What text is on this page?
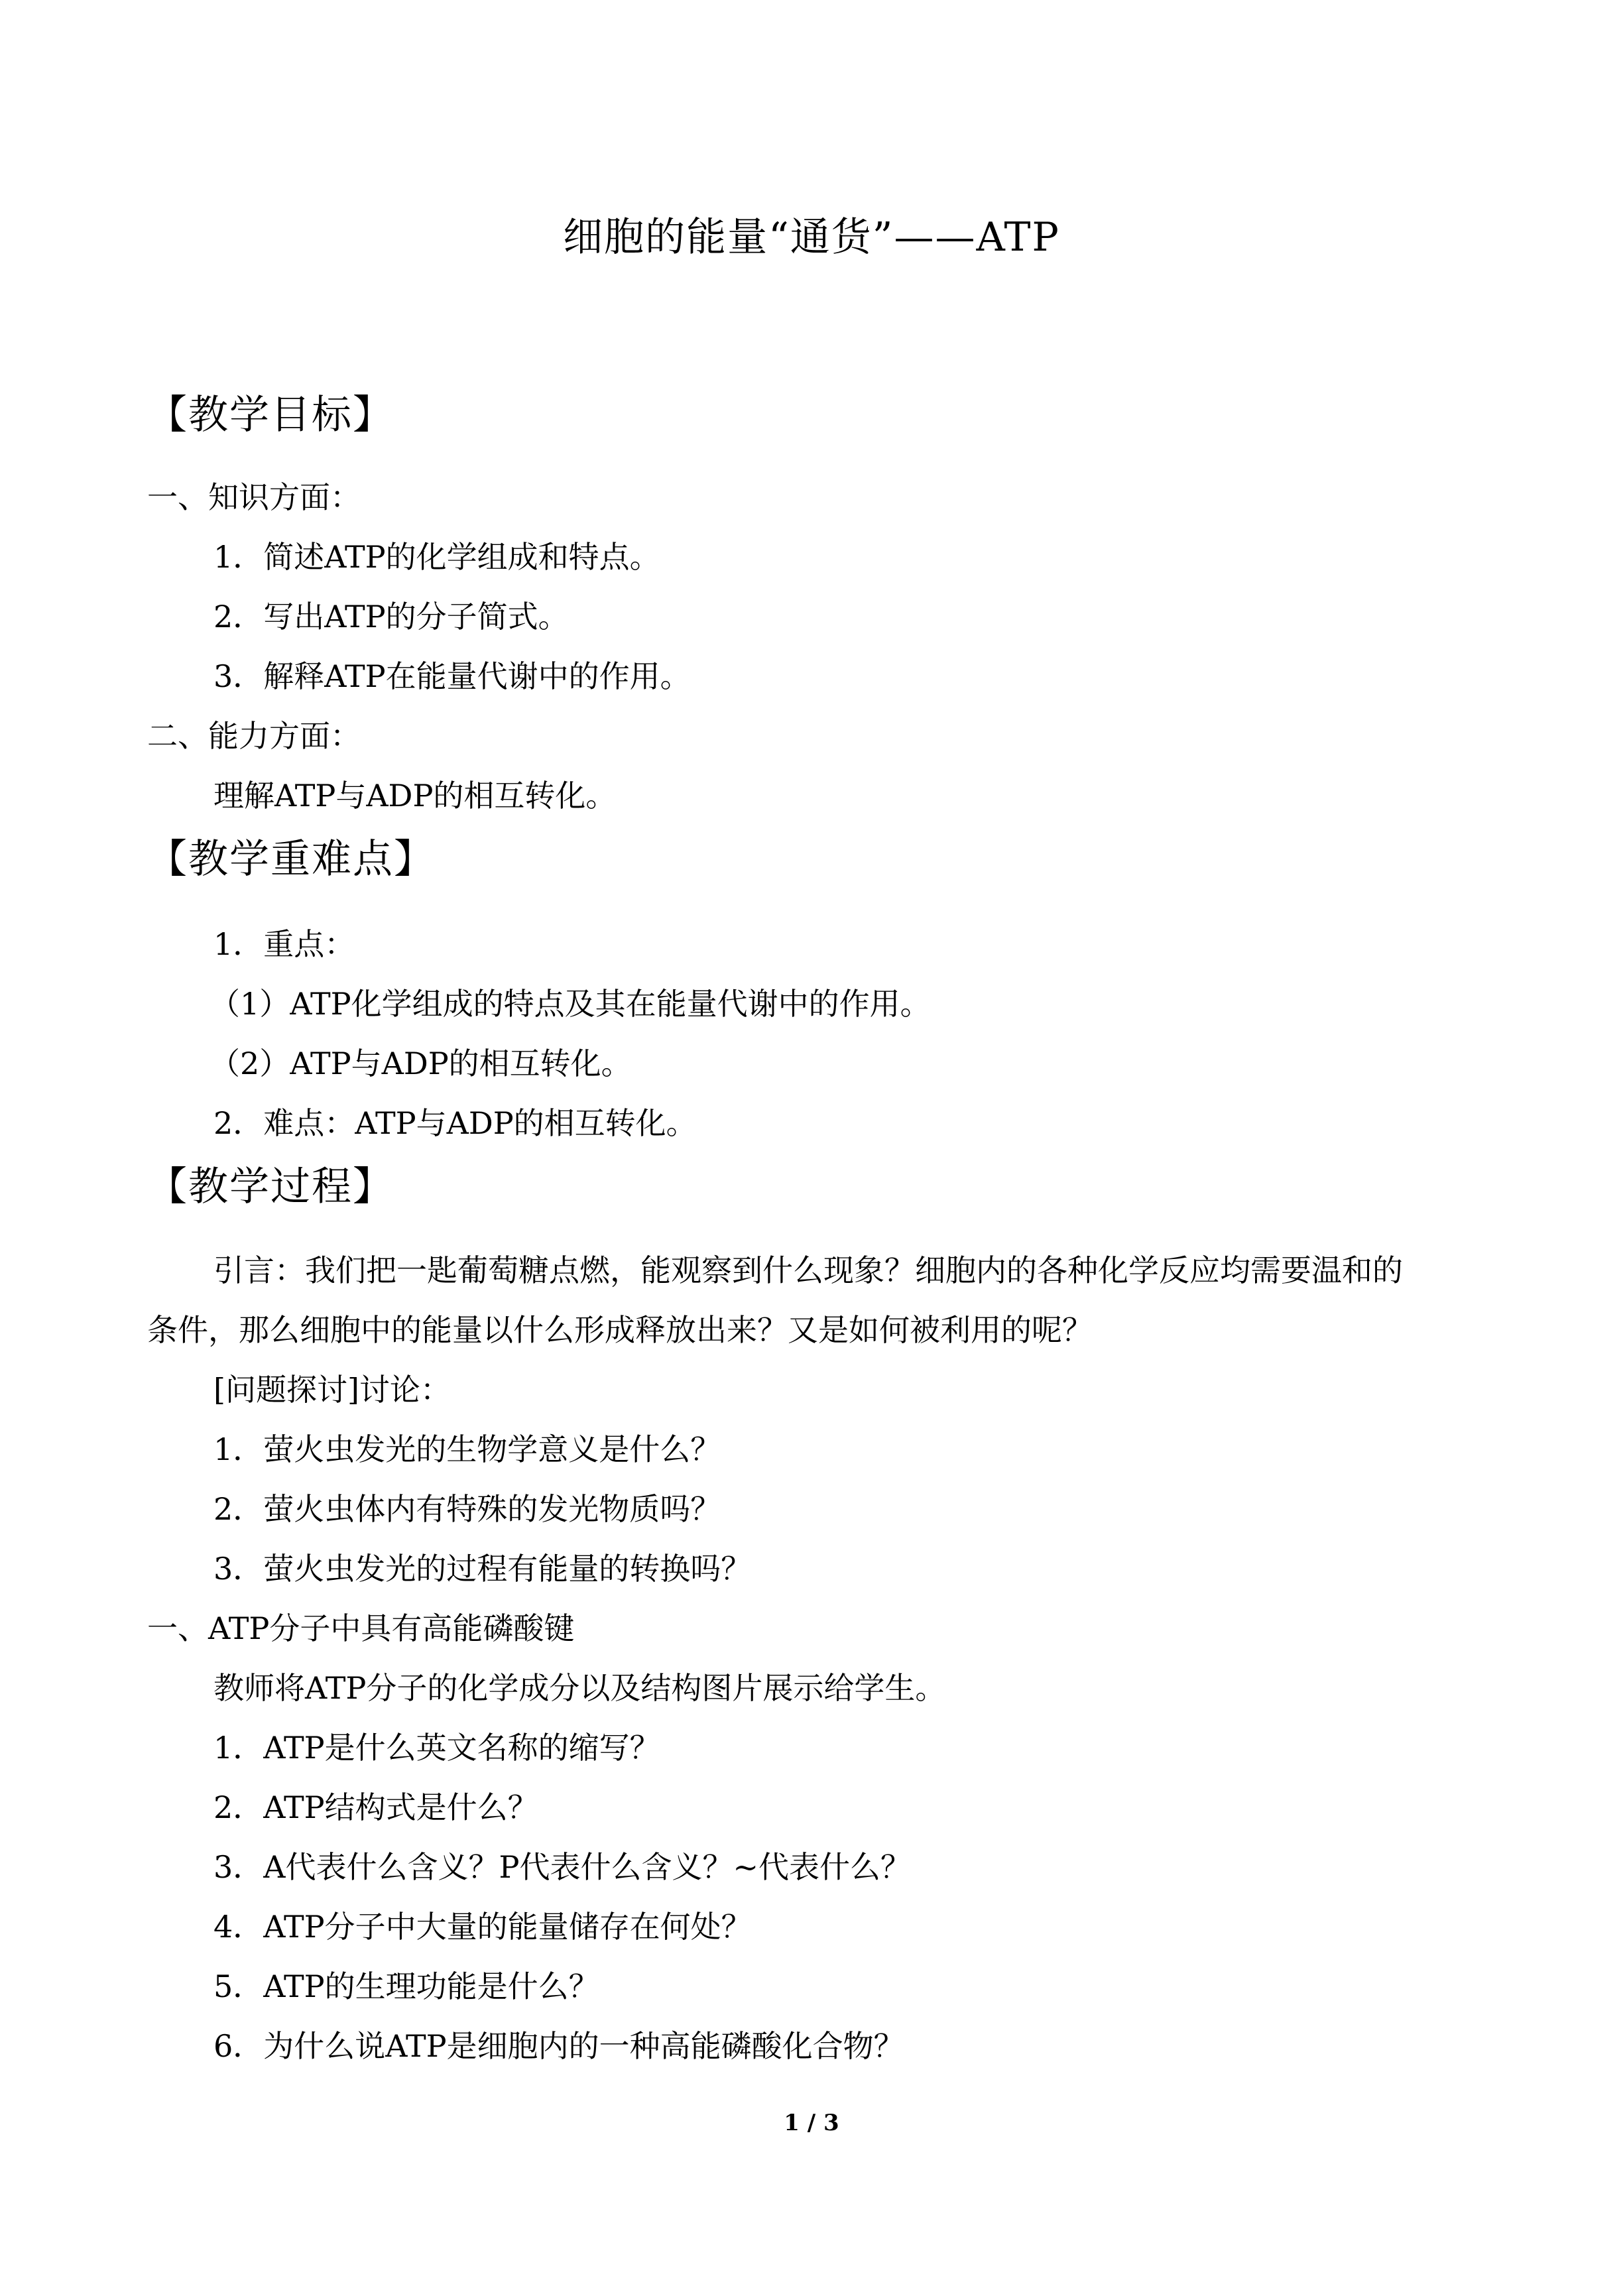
细胞的能量“通货”——ATP
【教学目标】
一、知识方面：
1．简述ATP的化学组成和特点。
2．写出ATP的分子简式。
3．解释ATP在能量代谢中的作用。
二、能力方面：
理解ATP与ADP的相互转化。
【教学重难点】
1．重点：
（1）ATP化学组成的特点及其在能量代谢中的作用。
（2）ATP与ADP的相互转化。
2．难点：ATP与ADP的相互转化。
【教学过程】
引言：我们把一匙葡萄糖点燃，能观察到什么现象？细胞内的各种化学反应均需要温和的
条件，那么细胞中的能量以什么形成释放出来？又是如何被利用的呢？
[问题探讨]讨论：
1．萤火虫发光的生物学意义是什么？
2．萤火虫体内有特殊的发光物质吗？
3．萤火虫发光的过程有能量的转换吗？
一、ATP分子中具有高能磷酸键
教师将ATP分子的化学成分以及结构图片展示给学生。
1．ATP是什么英文名称的缩写？
2．ATP结构式是什么？
3．A代表什么含义？P代表什么含义？~代表什么？
4．ATP分子中大量的能量储存在何处？
5．ATP的生理功能是什么？
6．为什么说ATP是细胞内的一种高能磷酸化合物？
1 / 3
